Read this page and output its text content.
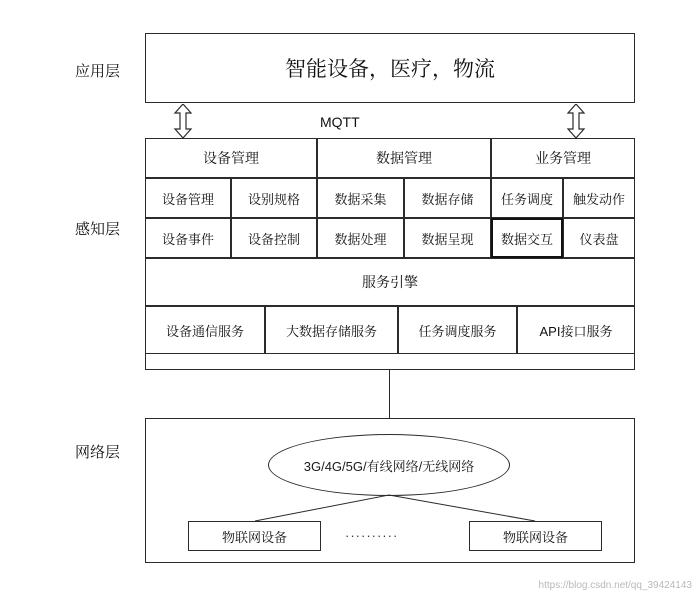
应用层
感知层
网络层
智能设备，医疗，物流
MQTT
设备管理	数据管理	业务管理
设备管理	设别规格	数据采集	数据存储	任务调度	触发动作
设备事件	设备控制	数据处理	数据呈现	数据交互	仪表盘
服务引擎
设备通信服务	大数据存储服务	任务调度服务	API接口服务
3G/4G/5G/有线网络/无线网络
物联网设备	物联网设备
··········
https://blog.csdn.net/qq_39424143
